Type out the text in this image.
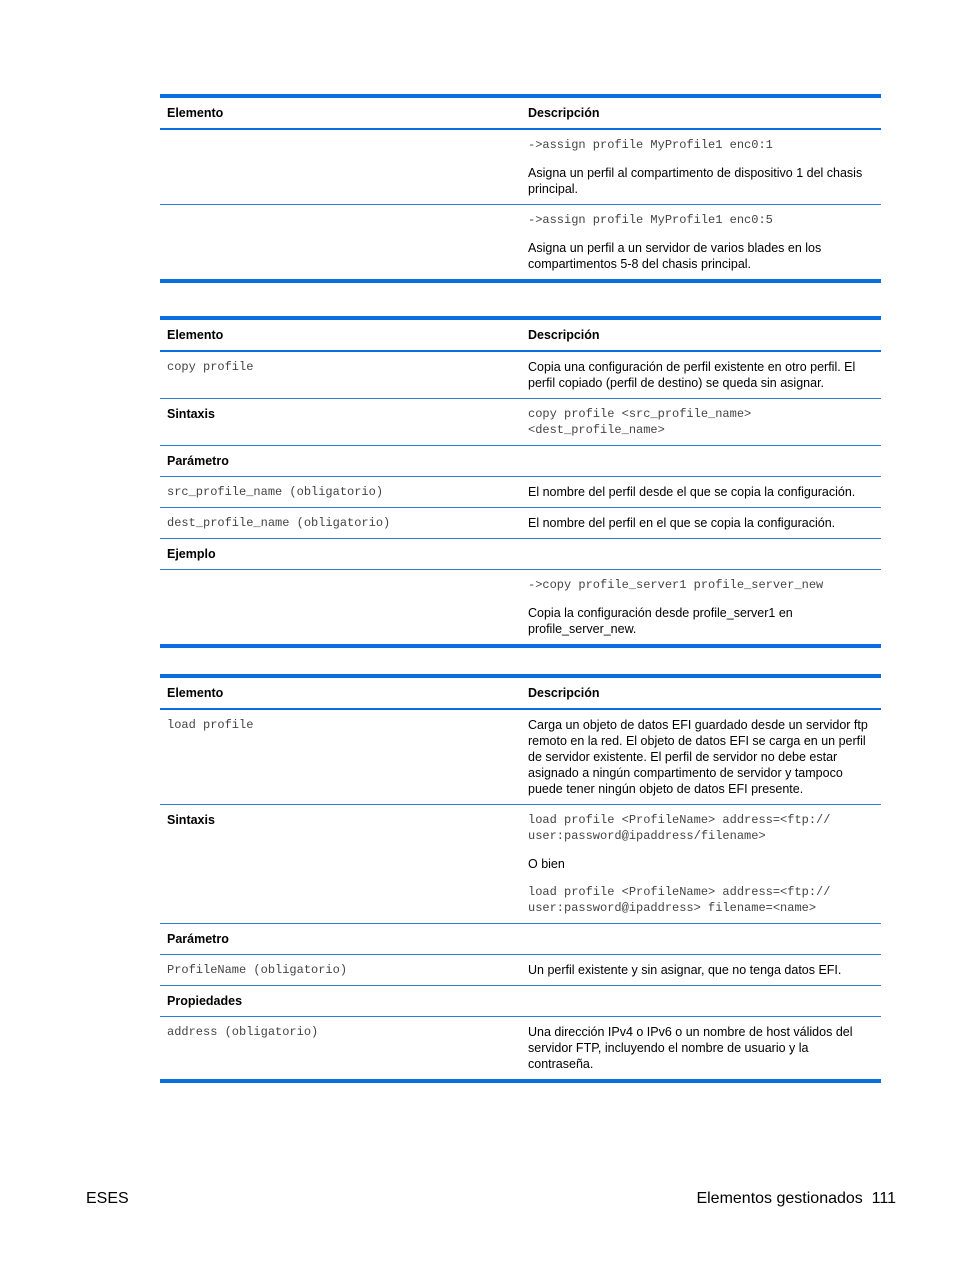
Elemento	Descripción

	->assign profile MyProfile1 enc0:1

Asigna un perfil al compartimento de dispositivo 1 del chasis principal.

	->assign profile MyProfile1 enc0:5

Asigna un perfil a un servidor de varios blades en los compartimentos 5-8 del chasis principal.

Elemento	Descripción
copy profile	Copia una configuración de perfil existente en otro perfil. El perfil copiado (perfil de destino) se queda sin asignar.
Sintaxis	copy profile <src_profile_name> <dest_profile_name>
Parámetro	
src_profile_name (obligatorio)	El nombre del perfil desde el que se copia la configuración.
dest_profile_name (obligatorio)	El nombre del perfil en el que se copia la configuración.
Ejemplo	

	->copy profile_server1 profile_server_new

Copia la configuración desde profile_server1 en profile_server_new.

Elemento	Descripción
load profile	Carga un objeto de datos EFI guardado desde un servidor ftp remoto en la red. El objeto de datos EFI se carga en un perfil de servidor existente. El perfil de servidor no debe estar asignado a ningún compartimento de servidor y tampoco puede tener ningún objeto de datos EFI presente.
Sintaxis	load profile <ProfileName> address=<ftp:// user:password@ipaddress/filename>

O bien

load profile <ProfileName> address=<ftp:// user:password@ipaddress> filename=<name>

Parámetro	
ProfileName (obligatorio)	Un perfil existente y sin asignar, que no tenga datos EFI.
Propiedades	
address (obligatorio)	Una dirección IPv4 o IPv6 o un nombre de host válidos del servidor FTP, incluyendo el nombre de usuario y la contraseña.
ESES	Elementos gestionados 111
